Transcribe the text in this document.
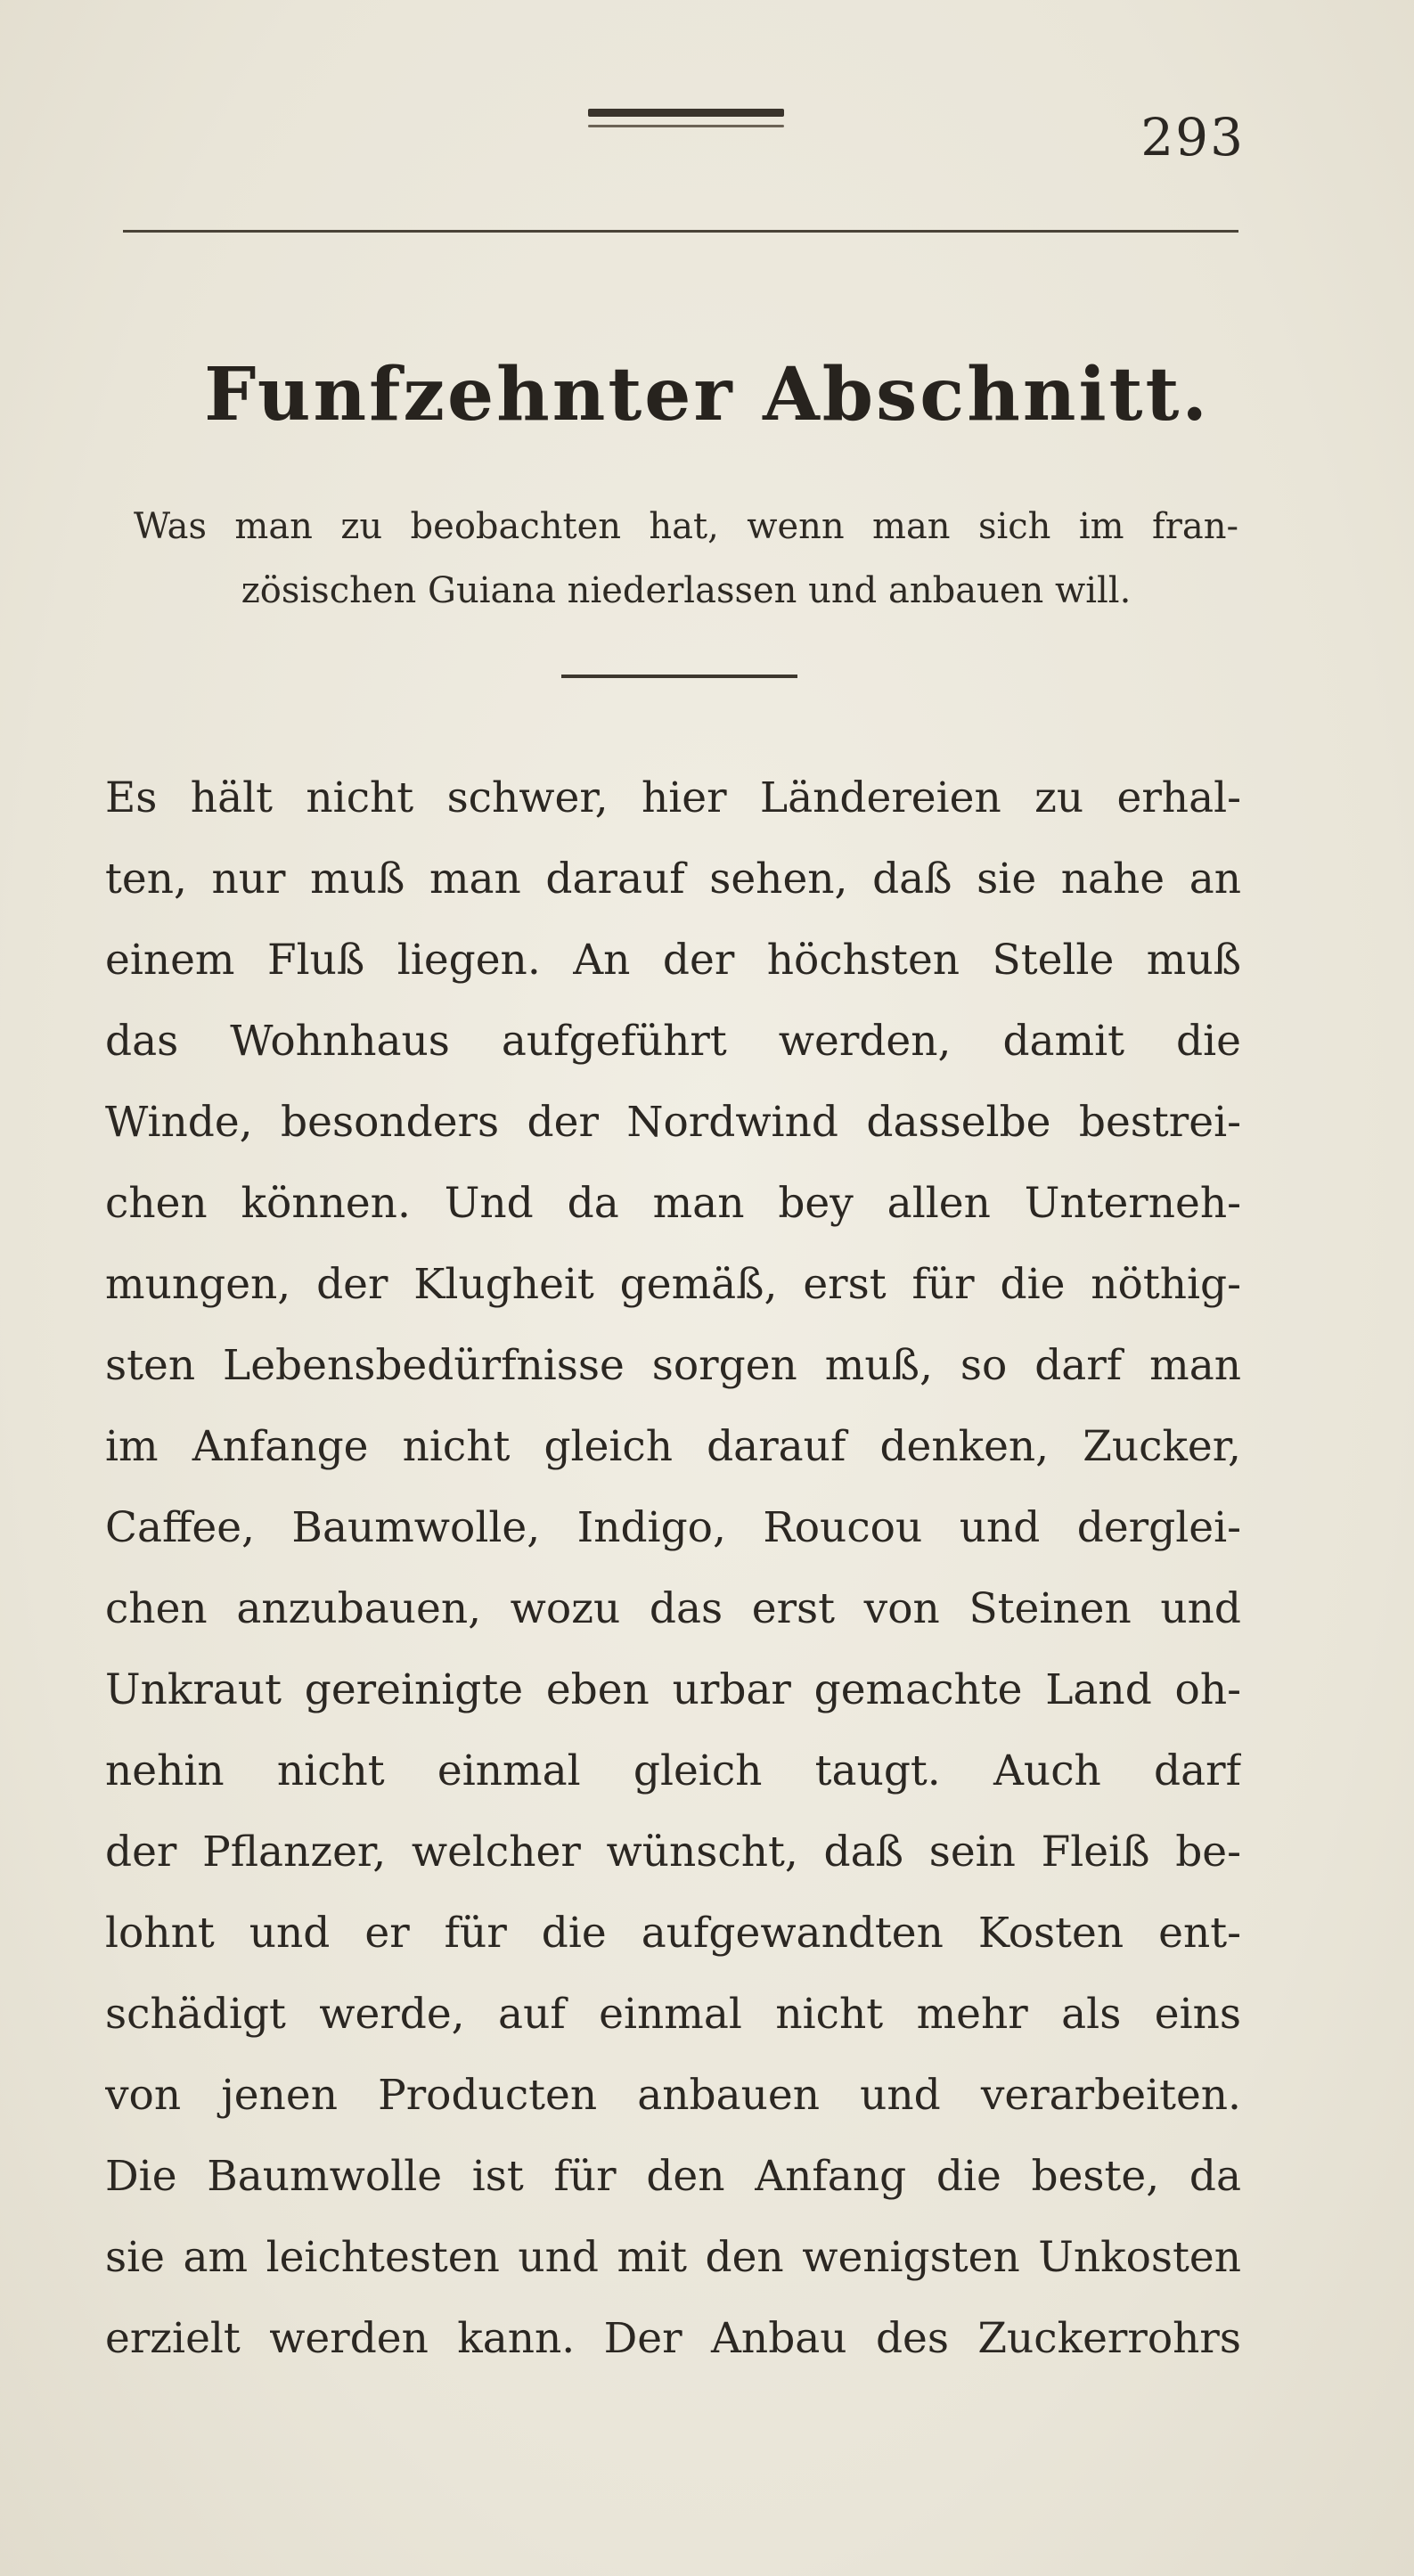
293
Funfzehnter Abschnitt.
Was man zu beobachten hat, wenn man sich im fran-
zösischen Guiana niederlassen und anbauen will.
Es hält nicht schwer, hier Ländereien zu erhal-
ten, nur muß man darauf sehen, daß sie nahe an
einem Fluß liegen. An der höchsten Stelle muß
das Wohnhaus aufgeführt werden, damit die
Winde, besonders der Nordwind dasselbe bestrei-
chen können. Und da man bey allen Unterneh-
mungen, der Klugheit gemäß, erst für die nöthig-
sten Lebensbedürfnisse sorgen muß, so darf man
im Anfange nicht gleich darauf denken, Zucker,
Caffee, Baumwolle, Indigo, Roucou und derglei-
chen anzubauen, wozu das erst von Steinen und
Unkraut gereinigte eben urbar gemachte Land oh-
nehin nicht einmal gleich taugt. Auch darf
der Pflanzer, welcher wünscht, daß sein Fleiß be-
lohnt und er für die aufgewandten Kosten ent-
schädigt werde, auf einmal nicht mehr als eins
von jenen Producten anbauen und verarbeiten.
Die Baumwolle ist für den Anfang die beste, da
sie am leichtesten und mit den wenigsten Unkosten
erzielt werden kann. Der Anbau des Zuckerrohrs
